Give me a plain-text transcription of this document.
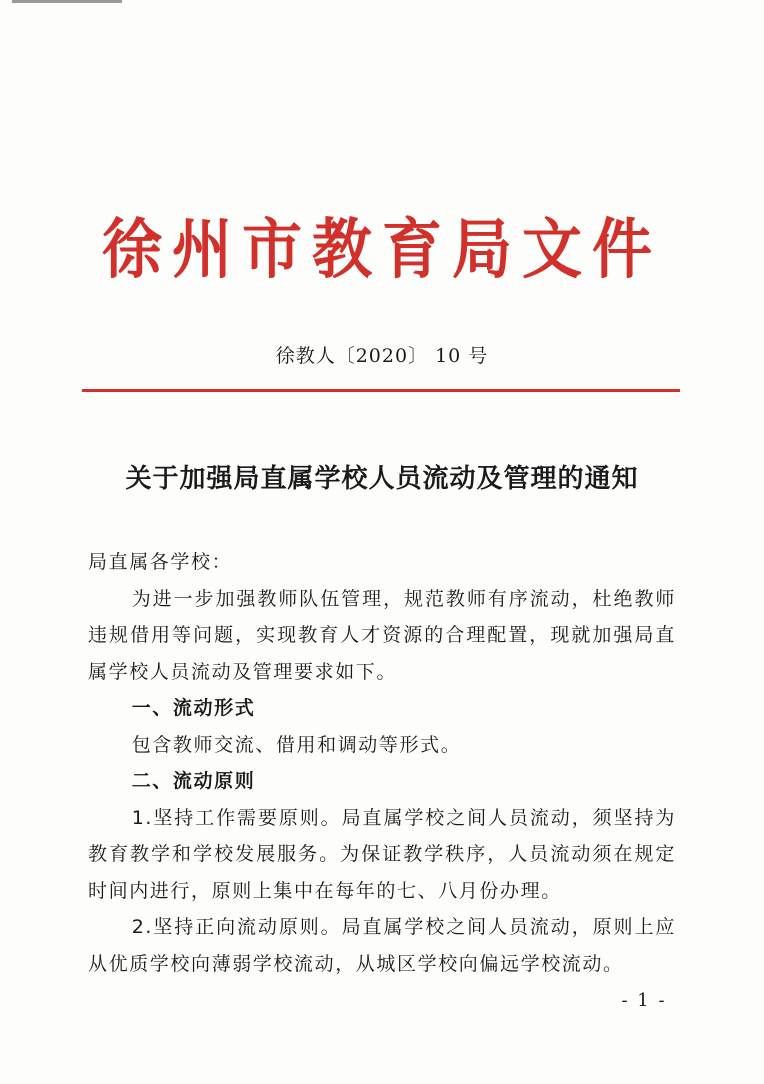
徐州市教育局文件
徐教人〔2020〕 10 号
关于加强局直属学校人员流动及管理的通知

局直属各学校：

为进一步加强教师队伍管理，规范教师有序流动，杜绝教师违规借用等问题，实现教育人才资源的合理配置，现就加强局直属学校人员流动及管理要求如下。

一、流动形式

包含教师交流、借用和调动等形式。

二、流动原则

1.坚持工作需要原则。局直属学校之间人员流动，须坚持为教育教学和学校发展服务。为保证教学秩序，人员流动须在规定时间内进行，原则上集中在每年的七、八月份办理。

2.坚持正向流动原则。局直属学校之间人员流动，原则上应从优质学校向薄弱学校流动，从城区学校向偏远学校流动。

- 1 -
